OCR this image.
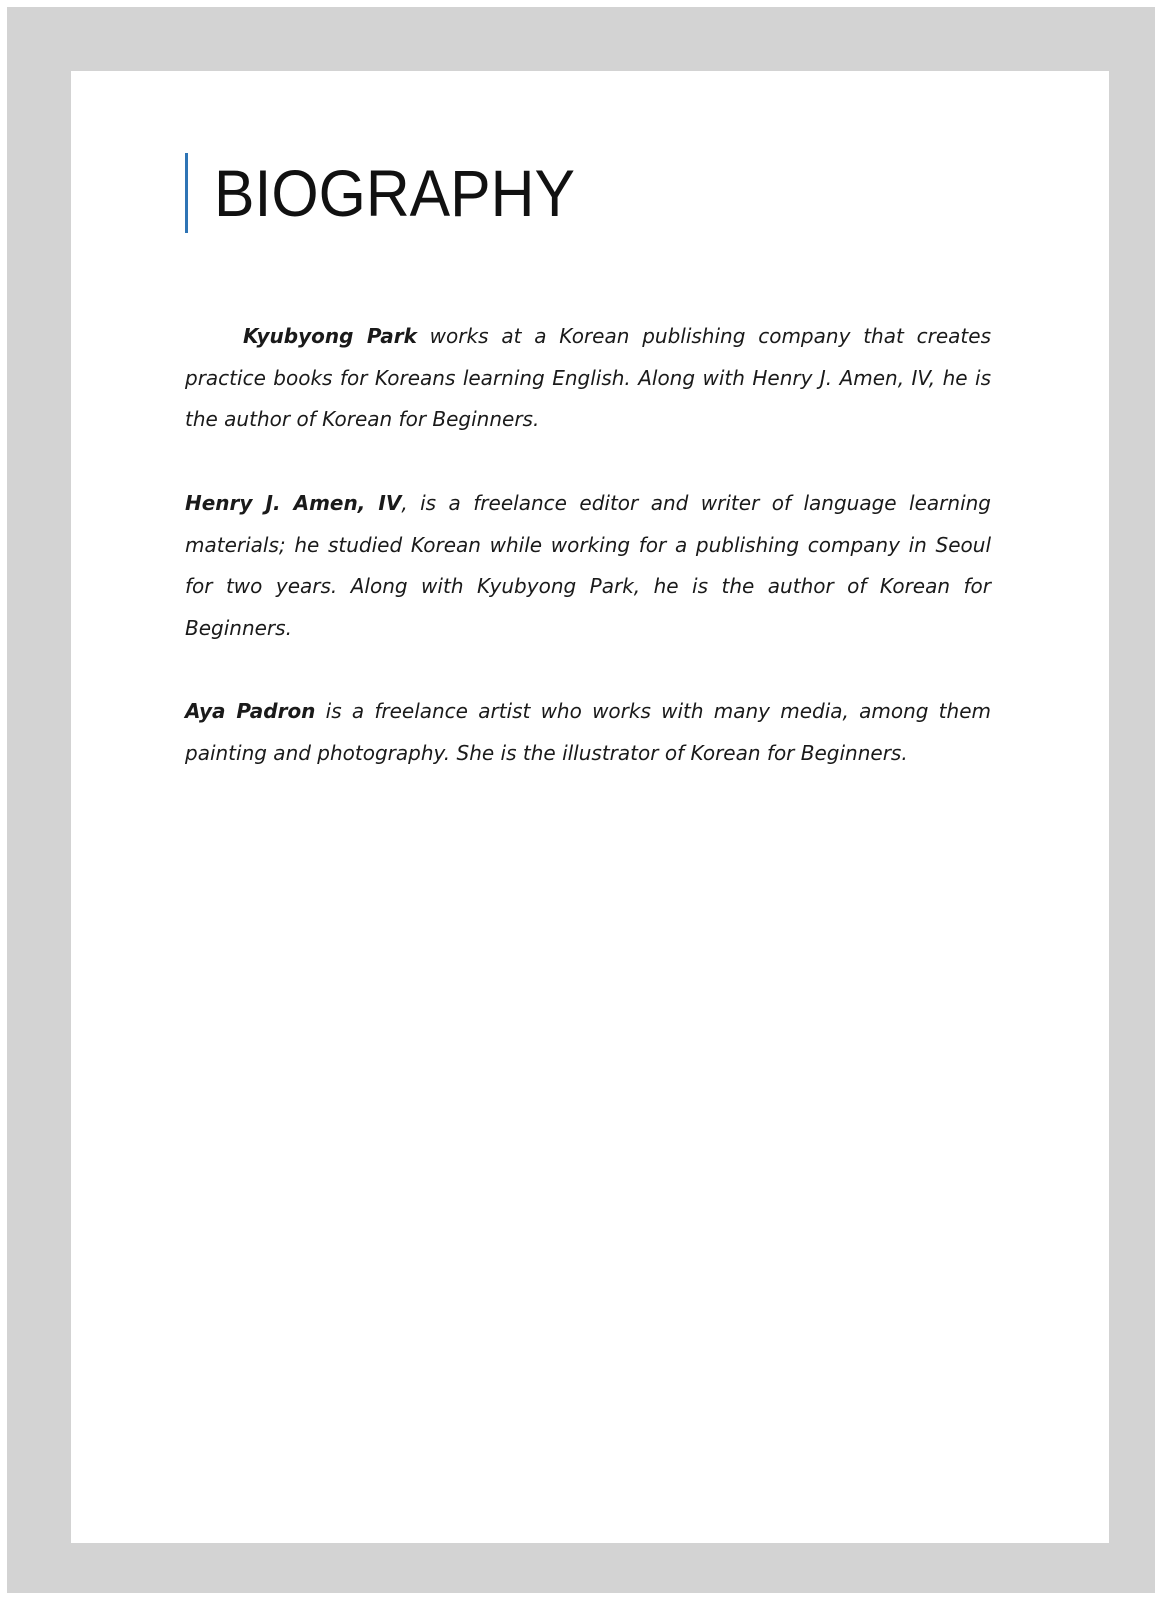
BIOGRAPHY

Kyubyong Park works at a Korean publishing company that creates practice books for Koreans learning English. Along with Henry J. Amen, IV, he is the author of Korean for Beginners.

Henry J. Amen, IV, is a freelance editor and writer of language learning materials; he studied Korean while working for a publishing company in Seoul for two years. Along with Kyubyong Park, he is the author of Korean for Beginners.

Aya Padron is a freelance artist who works with many media, among them painting and photography. She is the illustrator of Korean for Beginners.
